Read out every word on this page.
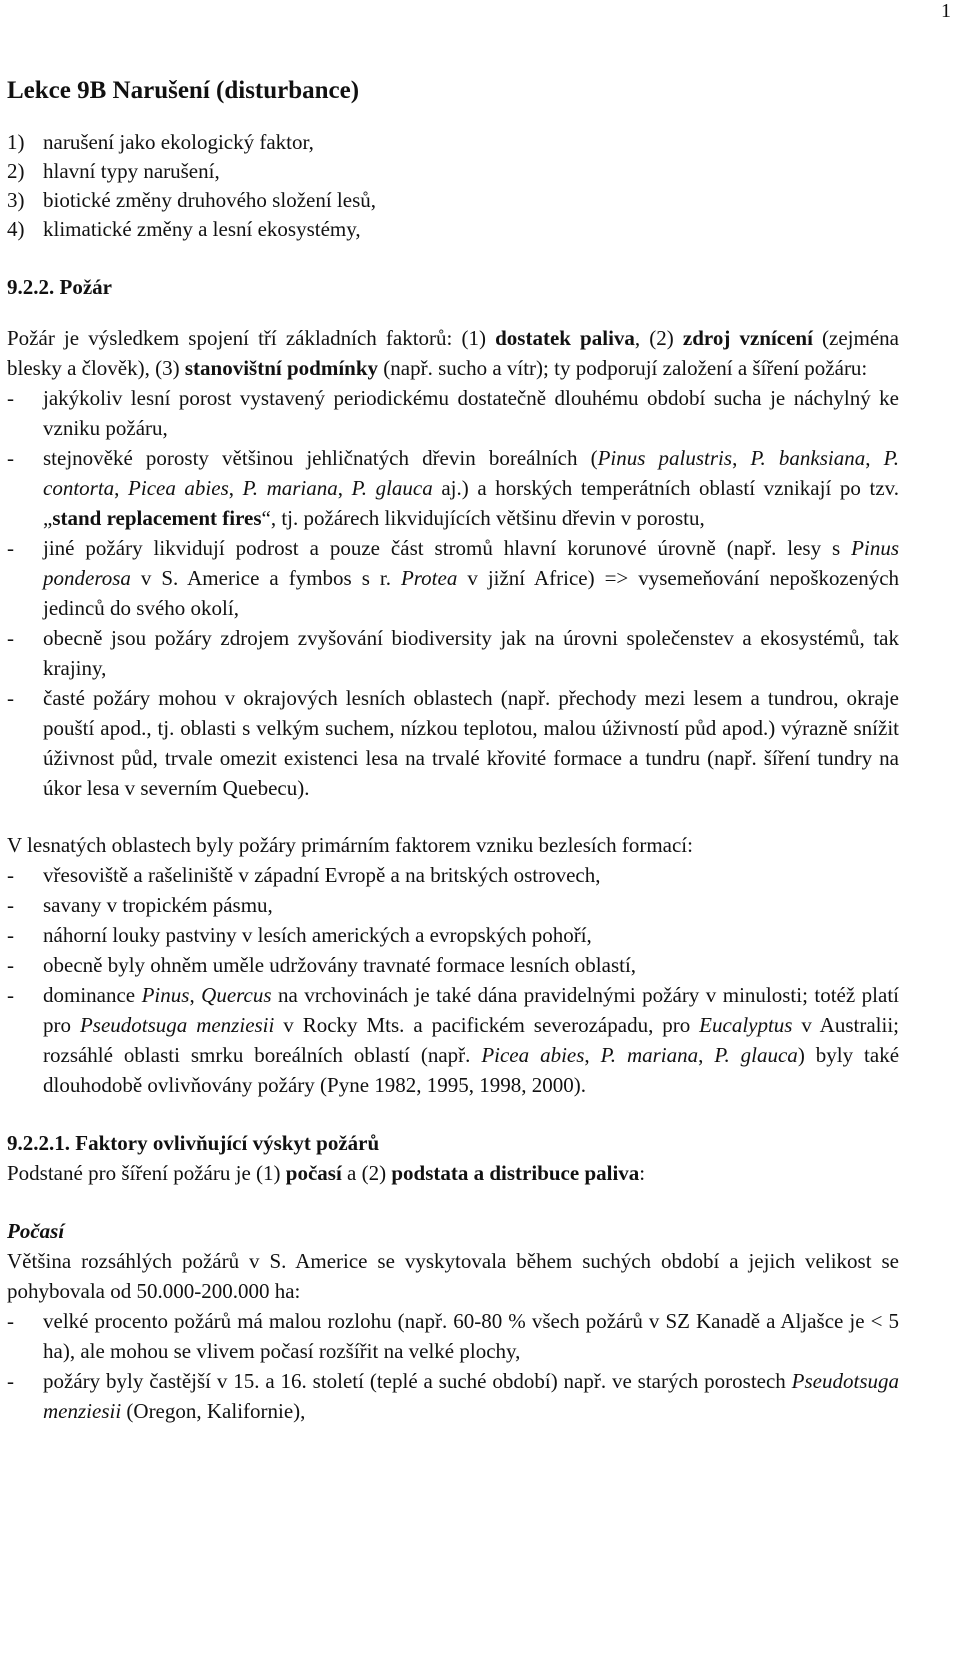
1
Lekce 9B Narušení (disturbance)
1) narušení jako ekologický faktor,
2) hlavní typy narušení,
3) biotické změny druhového složení lesů,
4) klimatické změny a lesní ekosystémy,
9.2.2. Požár

Požár je výsledkem spojení tří základních faktorů: (1) dostatek paliva, (2) zdroj vznícení (zejména blesky a člověk), (3) stanovištní podmínky (např. sucho a vítr); ty podporují založení a šíření požáru:

- jakýkoliv lesní porost vystavený periodickému dostatečně dlouhému období sucha je náchylný ke vzniku požáru,
- stejnověké porosty většinou jehličnatých dřevin boreálních (Pinus palustris, P. banksiana, P. contorta, Picea abies, P. mariana, P. glauca aj.) a horských temperátních oblastí vznikají po tzv. „stand replacement fires“, tj. požárech likvidujících většinu dřevin v porostu,
- jiné požáry likvidují podrost a pouze část stromů hlavní korunové úrovně (např. lesy s Pinus ponderosa v S. Americe a fymbos s r. Protea v jižní Africe) => vysemeňování nepoškozených jedinců do svého okolí,
- obecně jsou požáry zdrojem zvyšování biodiversity jak na úrovni společenstev a ekosystémů, tak krajiny,
- časté požáry mohou v okrajových lesních oblastech (např. přechody mezi lesem a tundrou, okraje pouští apod., tj. oblasti s velkým suchem, nízkou teplotou, malou úživností půd apod.) výrazně snížit úživnost půd, trvale omezit existenci lesa na trvalé křovité formace a tundru (např. šíření tundry na úkor lesa v severním Quebecu).

V lesnatých oblastech byly požáry primárním faktorem vzniku bezlesích formací:

- vřesoviště a rašeliniště v západní Evropě a na britských ostrovech,
- savany v tropickém pásmu,
- náhorní louky pastviny v lesích amerických a evropských pohoří,
- obecně byly ohněm uměle udržovány travnaté formace lesních oblastí,
- dominance Pinus, Quercus na vrchovinách je také dána pravidelnými požáry v minulosti; totéž platí pro Pseudotsuga menziesii v Rocky Mts. a pacifickém severozápadu, pro Eucalyptus v Australii; rozsáhlé oblasti smrku boreálních oblastí (např. Picea abies, P. mariana, P. glauca) byly také dlouhodobě ovlivňovány požáry (Pyne 1982, 1995, 1998, 2000).
9.2.2.1. Faktory ovlivňující výskyt požárů

Podstané pro šíření požáru je (1) počasí a (2) podstata a distribuce paliva:

Počasí

Většina rozsáhlých požárů v S. Americe se vyskytovala během suchých období a jejich velikost se pohybovala od 50.000-200.000 ha:

- velké procento požárů má malou rozlohu (např. 60-80 % všech požárů v SZ Kanadě a Aljašce je < 5 ha), ale mohou se vlivem počasí rozšířit na velké plochy,
- požáry byly častější v 15. a 16. století (teplé a suché období) např. ve starých porostech Pseudotsuga menziesii (Oregon, Kalifornie),
